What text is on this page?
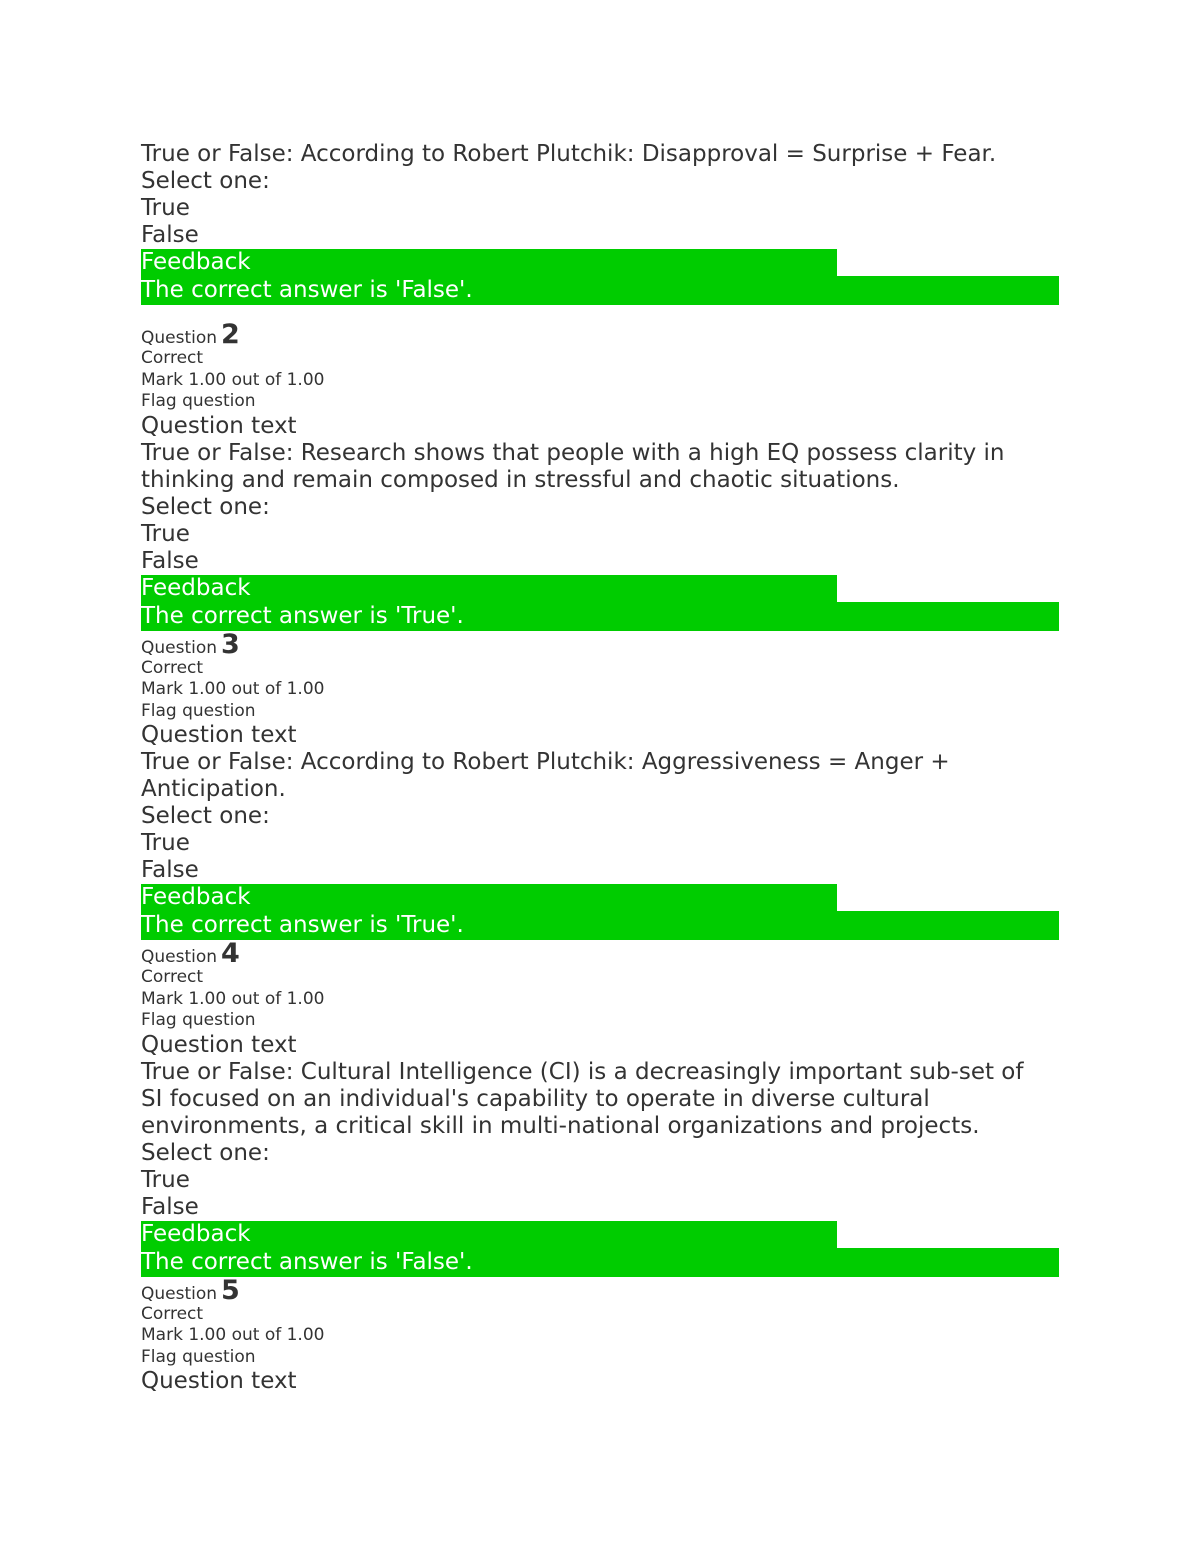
True or False: According to Robert Plutchik: Disapproval = Surprise + Fear.
Select one:
True
False
Feedback
The correct answer is 'False'.
Question 2
Correct
Mark 1.00 out of 1.00
Flag question
Question text
True or False: Research shows that people with a high EQ possess clarity in thinking and remain composed in stressful and chaotic situations.
Select one:
True
False
Feedback
The correct answer is 'True'.
Question 3
Correct
Mark 1.00 out of 1.00
Flag question
Question text
True or False: According to Robert Plutchik: Aggressiveness = Anger + Anticipation.
Select one:
True
False
Feedback
The correct answer is 'True'.
Question 4
Correct
Mark 1.00 out of 1.00
Flag question
Question text
True or False: Cultural Intelligence (CI) is a decreasingly important sub-set of SI focused on an individual's capability to operate in diverse cultural environments, a critical skill in multi-national organizations and projects.
Select one:
True
False
Feedback
The correct answer is 'False'.
Question 5
Correct
Mark 1.00 out of 1.00
Flag question
Question text
